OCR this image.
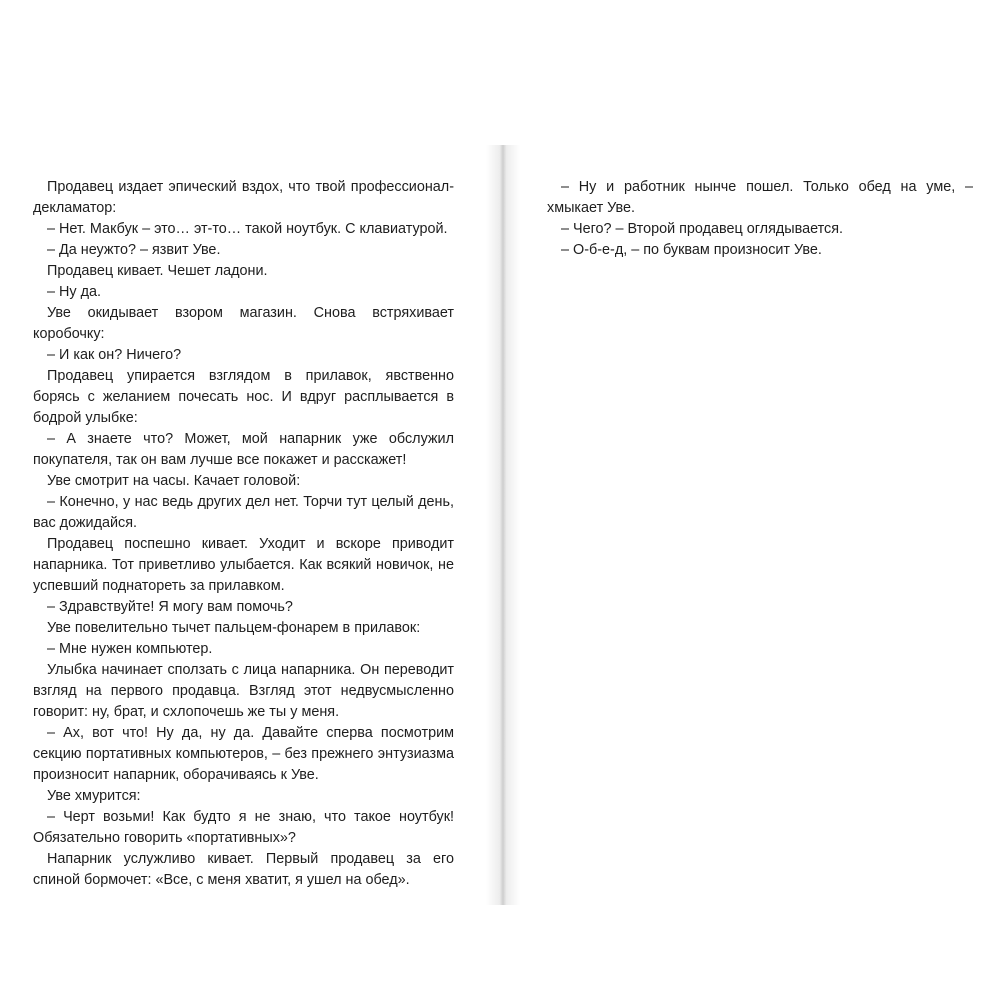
Продавец издает эпический вздох, что твой профессионал-декламатор:

– Нет. Макбук – это… эт-то… такой ноутбук. С клавиатурой.

– Да неужто? – язвит Уве.

Продавец кивает. Чешет ладони.

– Ну да.

Уве окидывает взором магазин. Снова встряхивает коробочку:

– И как он? Ничего?

Продавец упирается взглядом в прилавок, явственно борясь с желанием почесать нос. И вдруг расплывается в бодрой улыбке:

– А знаете что? Может, мой напарник уже обслужил покупателя, так он вам лучше все покажет и расскажет!

Уве смотрит на часы. Качает головой:

– Конечно, у нас ведь других дел нет. Торчи тут целый день, вас дожидайся.

Продавец поспешно кивает. Уходит и вскоре приводит напарника. Тот приветливо улыбается. Как всякий новичок, не успевший поднатореть за прилавком.

– Здравствуйте! Я могу вам помочь?

Уве повелительно тычет пальцем-фонарем в прилавок:

– Мне нужен компьютер.

Улыбка начинает сползать с лица напарника. Он переводит взгляд на первого продавца. Взгляд этот недвусмысленно говорит: ну, брат, и схлопочешь же ты у меня.

– Ах, вот что! Ну да, ну да. Давайте сперва посмотрим секцию портативных компьютеров, – без прежнего энтузиазма произносит напарник, оборачиваясь к Уве.

Уве хмурится:

– Черт возьми! Как будто я не знаю, что такое ноутбук! Обязательно говорить «портативных»?

Напарник услужливо кивает. Первый продавец за его спиной бормочет: «Все, с меня хватит, я ушел на обед».

– Ну и работник нынче пошел. Только обед на уме, – хмыкает Уве.

– Чего? – Второй продавец оглядывается.

– О-б-е-д, – по буквам произносит Уве.
